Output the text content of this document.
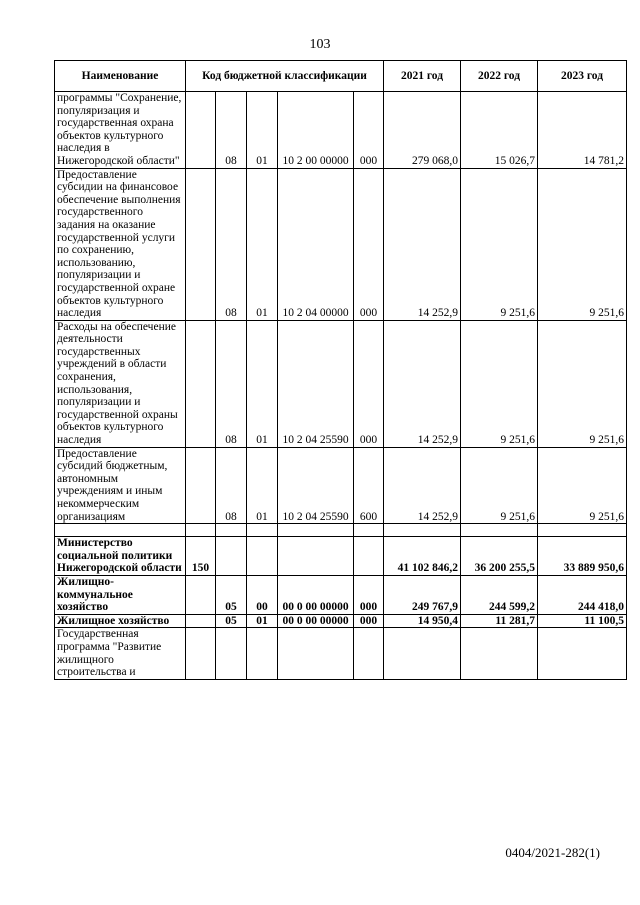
103
Наименование	Код бюджетной классификации					2021 год	2022 год	2023 год
программы "Сохранение, популяризация и государственная охрана объектов культурного наследия в Нижегородской области"		08	01	10 2 00 00000	000	279 068,0	15 026,7	14 781,2
Предоставление субсидии на финансовое обеспечение выполнения государственного задания на оказание государственной услуги по сохранению, использованию, популяризации и государственной охране объектов культурного наследия		08	01	10 2 04 00000	000	14 252,9	9 251,6	9 251,6
Расходы на обеспечение деятельности государственных учреждений в области сохранения, использования, популяризации и государственной охраны объектов культурного наследия		08	01	10 2 04 25590	000	14 252,9	9 251,6	9 251,6
Предоставление субсидий бюджетным, автономным учреждениям и иным некоммерческим организациям		08	01	10 2 04 25590	600	14 252,9	9 251,6	9 251,6

Министерство социальной политики Нижегородской области	150					41 102 846,2	36 200 255,5	33 889 950,6
Жилищно-коммунальное хозяйство		05	00	00 0 00 00000	000	249 767,9	244 599,2	244 418,0
Жилищное хозяйство		05	01	00 0 00 00000	000	14 950,4	11 281,7	11 100,5
Государственная программа "Развитие жилищного строительства и								
0404/2021-282(1)
